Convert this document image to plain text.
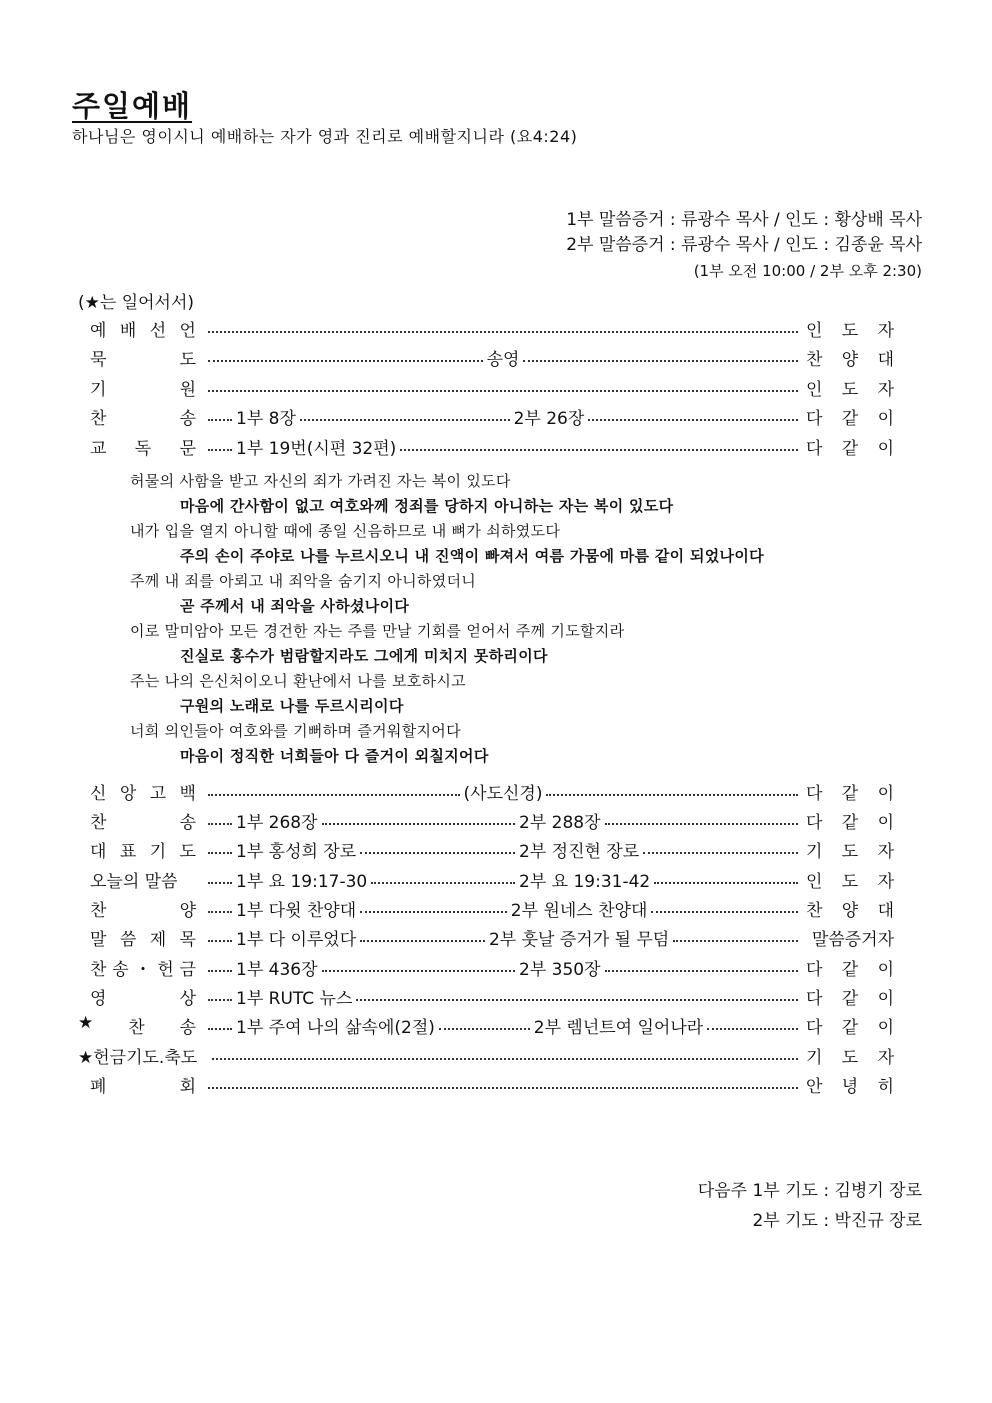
주일예배
하나님은 영이시니 예배하는 자가 영과 진리로 예배할지니라 (요4:24)
1부 말씀증거 : 류광수 목사 / 인도 : 황상배 목사
2부 말씀증거 : 류광수 목사 / 인도 : 김종윤 목사
(1부 오전 10:00 / 2부 오후 2:30)
(★는 일어서서)
예 배 선 언	인 도 자
묵	도	송영	찬 양 대
기	원	인 도 자
찬	송 1부 8장	2부 26장	다 같 이
교 독 문 1부 19번(시편 32편)	다 같 이
허물의 사함을 받고 자신의 죄가 가려진 자는 복이 있도다
마음에 간사함이 없고 여호와께 정죄를 당하지 아니하는 자는 복이 있도다
내가 입을 열지 아니할 때에 종일 신음하므로 내 뼈가 쇠하였도다
주의 손이 주야로 나를 누르시오니 내 진액이 빠져서 여름 가뭄에 마름 같이 되었나이다
주께 내 죄를 아뢰고 내 죄악을 숨기지 아니하였더니
곧 주께서 내 죄악을 사하셨나이다
이로 말미암아 모든 경건한 자는 주를 만날 기회를 얻어서 주께 기도할지라
진실로 홍수가 범람할지라도 그에게 미치지 못하리이다
주는 나의 은신처이오니 환난에서 나를 보호하시고
구원의 노래로 나를 두르시리이다
너희 의인들아 여호와를 기뻐하며 즐거워할지어다
마음이 정직한 너희들아 다 즐거이 외칠지어다
신 앙 고 백	(사도신경)	다 같 이
찬	송 1부 268장	2부 288장	다 같 이
대 표 기 도 1부 홍성희 장로	2부 정진현 장로	기 도 자
오늘의 말씀	1부 요 19:17-30	2부 요 19:31-42	인 도 자
찬	양 1부 다윗 찬양대	2부 원네스 찬양대	찬 양 대
말 씀 제 목 1부 다 이루었다	2부 훗날 증거가 될 무덤	말씀증거자
찬 송 ・ 헌 금 1부 436장	2부 350장	다 같 이
영	상 1부 RUTC 뉴스	다 같 이
★ 찬 송 1부 주여 나의 삶속에(2절)	2부 렘넌트여 일어나라	다 같 이
★헌금기도.축도	기 도 자
폐	회	안 녕 히
다음주 1부 기도 : 김병기 장로
2부 기도 : 박진규 장로
